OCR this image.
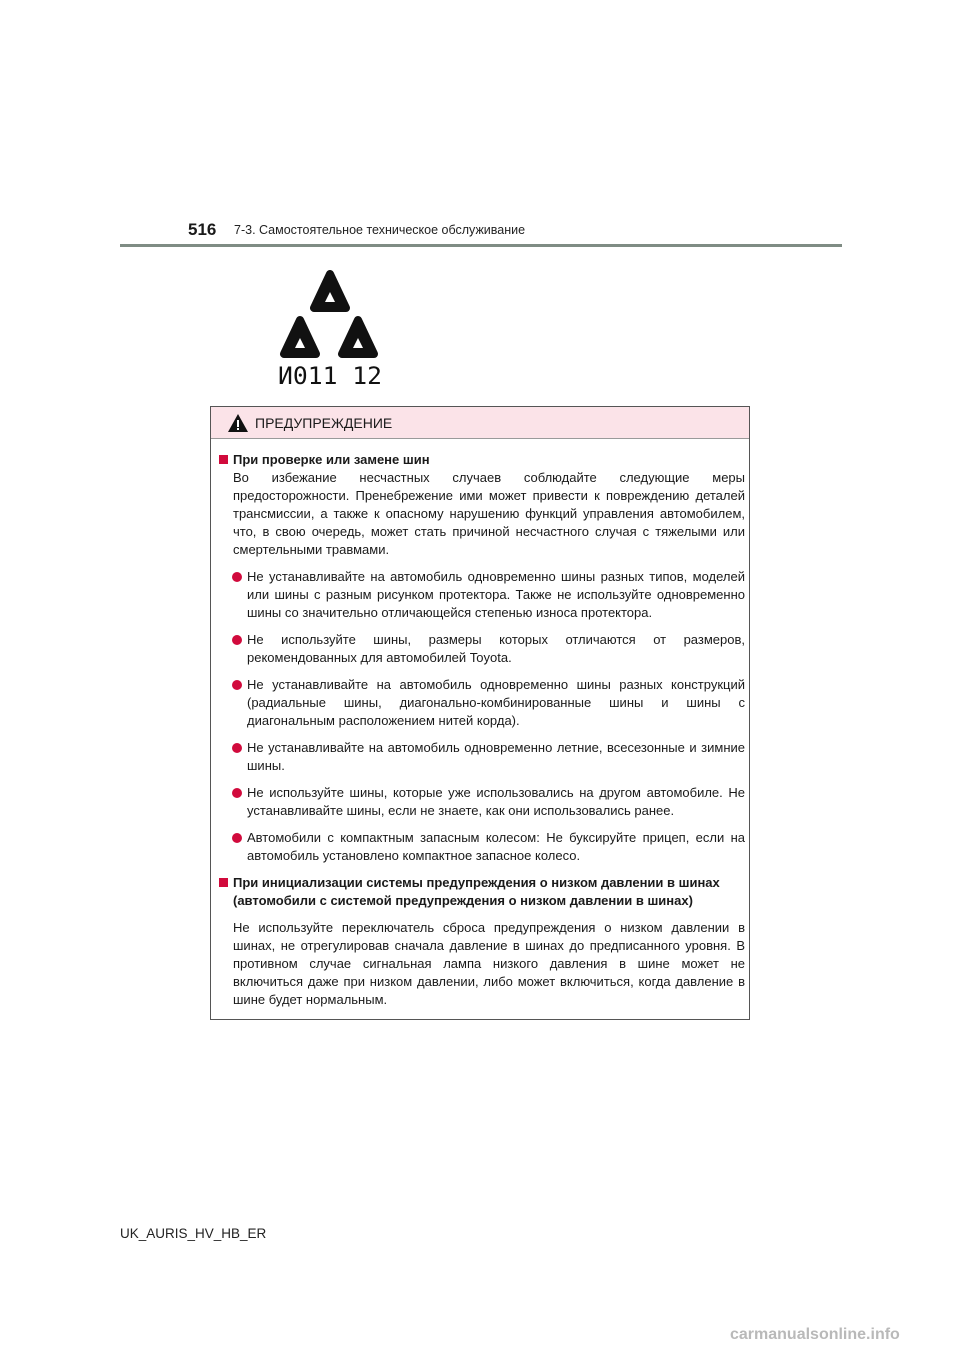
516 7-3. Самостоятельное техническое обслуживание
И011 12
ПРЕДУПРЕЖДЕНИЕ
При проверке или замене шин
Во избежание несчастных случаев соблюдайте следующие меры предосторожности. Пренебрежение ими может привести к повреждению деталей трансмиссии, а также к опасному нарушению функций управления автомобилем, что, в свою очередь, может стать причиной несчастного случая с тяжелыми или смертельными травмами.
Не устанавливайте на автомобиль одновременно шины разных типов, моделей или шины с разным рисунком протектора. Также не используйте одновременно шины со значительно отличающейся степенью износа протектора.
Не используйте шины, размеры которых отличаются от размеров, рекомендованных для автомобилей Toyota.
Не устанавливайте на автомобиль одновременно шины разных конструкций (радиальные шины, диагонально-комбинированные шины и шины с диагональным расположением нитей корда).
Не устанавливайте на автомобиль одновременно летние, всесезонные и зимние шины.
Не используйте шины, которые уже использовались на другом автомобиле. Не устанавливайте шины, если не знаете, как они использовались ранее.
Автомобили с компактным запасным колесом: Не буксируйте прицеп, если на автомобиль установлено компактное запасное колесо.
При инициализации системы предупреждения о низком давлении в шинах (автомобили с системой предупреждения о низком давлении в шинах)
Не используйте переключатель сброса предупреждения о низком давлении в шинах, не отрегулировав сначала давление в шинах до предписанного уровня. В противном случае сигнальная лампа низкого давления в шине может не включиться даже при низком давлении, либо может включиться, когда давление в шине будет нормальным.
UK_AURIS_HV_HB_ER
carmanualsonline.info
